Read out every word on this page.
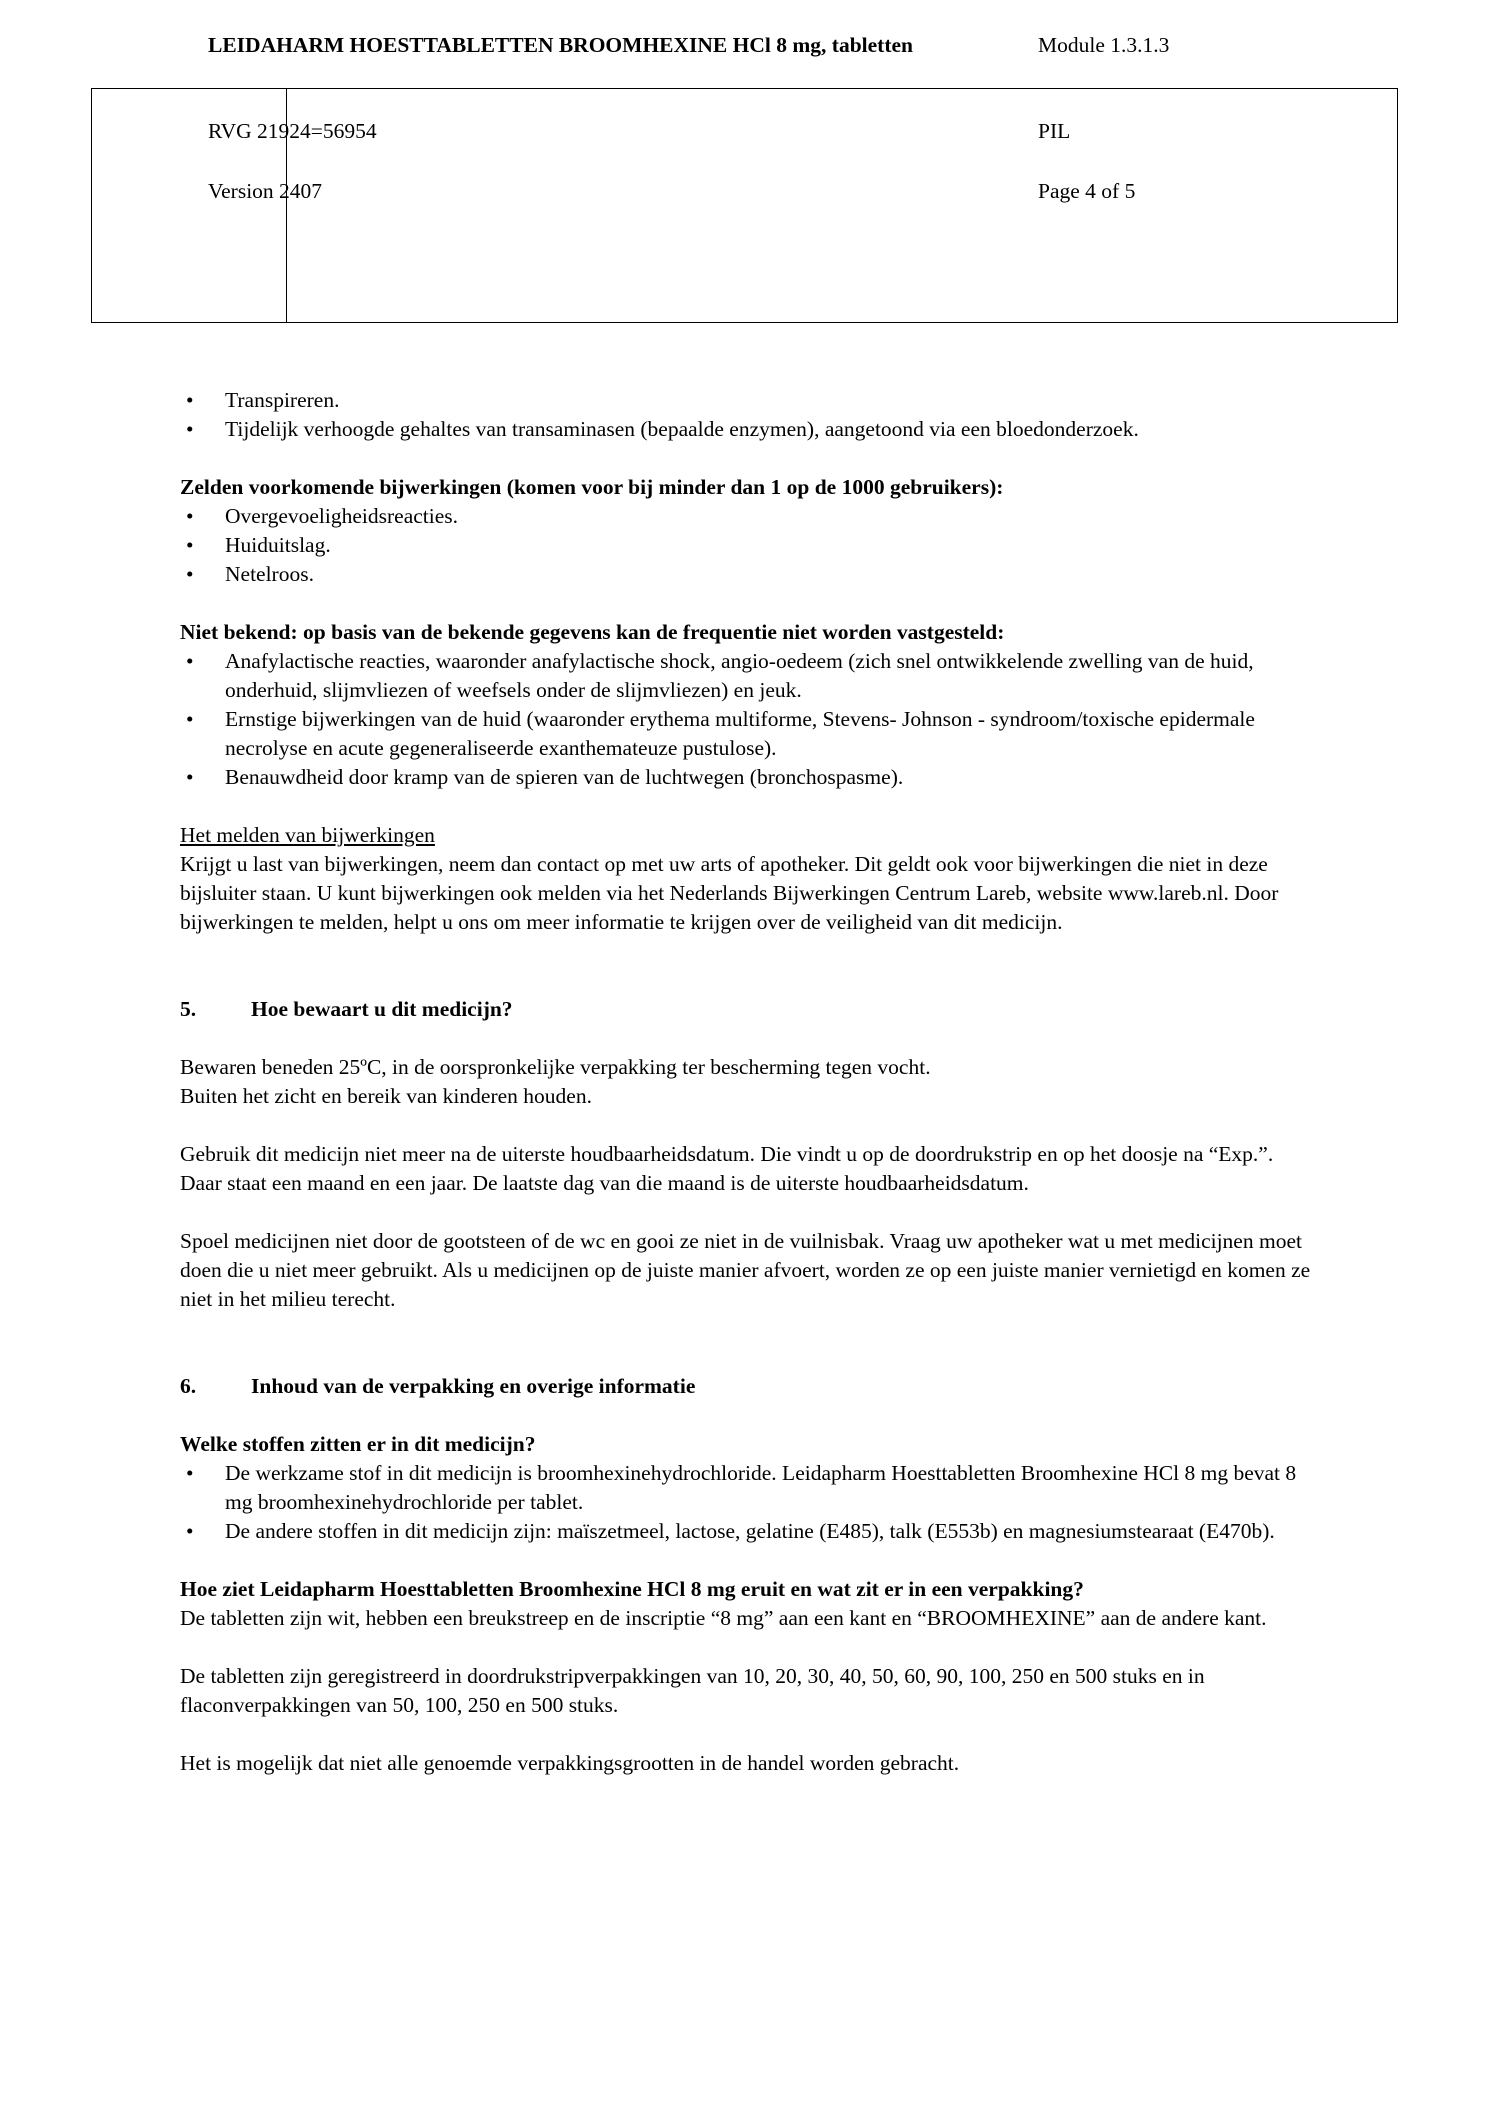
LEIDAHARM HOESTTABLETTEN BROOMHEXINE HCl 8 mg, tabletten	Module 1.3.1.3
RVG 21924=56954	PIL
Version 2407	Page 4 of 5
• Transpireren.
• Tijdelijk verhoogde gehaltes van transaminasen (bepaalde enzymen), aangetoond via een bloedonderzoek.

Zelden voorkomende bijwerkingen (komen voor bij minder dan 1 op de 1000 gebruikers):

• Overgevoeligheidsreacties.
• Huiduitslag.
• Netelroos.

Niet bekend: op basis van de bekende gegevens kan de frequentie niet worden vastgesteld:

• Anafylactische reacties, waaronder anafylactische shock, angio-oedeem (zich snel ontwikkelende zwelling van de huid, onderhuid, slijmvliezen of weefsels onder de slijmvliezen) en jeuk.
• Ernstige bijwerkingen van de huid (waaronder erythema multiforme, Stevens- Johnson - syndroom/toxische epidermale necrolyse en acute gegeneraliseerde exanthemateuze pustulose).
• Benauwdheid door kramp van de spieren van de luchtwegen (bronchospasme).

Het melden van bijwerkingen

Krijgt u last van bijwerkingen, neem dan contact op met uw arts of apotheker. Dit geldt ook voor bijwerkingen die niet in deze bijsluiter staan. U kunt bijwerkingen ook melden via het Nederlands Bijwerkingen Centrum Lareb, website www.lareb.nl. Door bijwerkingen te melden, helpt u ons om meer informatie te krijgen over de veiligheid van dit medicijn.

5.	Hoe bewaart u dit medicijn?

Bewaren beneden 25ºC, in de oorspronkelijke verpakking ter bescherming tegen vocht.

Buiten het zicht en bereik van kinderen houden.

Gebruik dit medicijn niet meer na de uiterste houdbaarheidsdatum. Die vindt u op de doordrukstrip en op het doosje na “Exp.”. Daar staat een maand en een jaar. De laatste dag van die maand is de uiterste houdbaarheidsdatum.

Spoel medicijnen niet door de gootsteen of de wc en gooi ze niet in de vuilnisbak. Vraag uw apotheker wat u met medicijnen moet doen die u niet meer gebruikt. Als u medicijnen op de juiste manier afvoert, worden ze op een juiste manier vernietigd en komen ze niet in het milieu terecht.

6.	Inhoud van de verpakking en overige informatie

Welke stoffen zitten er in dit medicijn?

• De werkzame stof in dit medicijn is broomhexinehydrochloride. Leidapharm Hoesttabletten Broomhexine HCl 8 mg bevat 8 mg broomhexinehydrochloride per tablet.
• De andere stoffen in dit medicijn zijn: maïszetmeel, lactose, gelatine (E485), talk (E553b) en magnesiumstearaat (E470b).

Hoe ziet Leidapharm Hoesttabletten Broomhexine HCl 8 mg eruit en wat zit er in een verpakking?

De tabletten zijn wit, hebben een breukstreep en de inscriptie “8 mg” aan een kant en “BROOMHEXINE” aan de andere kant.

De tabletten zijn geregistreerd in doordrukstripverpakkingen van 10, 20, 30, 40, 50, 60, 90, 100, 250 en 500 stuks en in flaconverpakkingen van 50, 100, 250 en 500 stuks.

Het is mogelijk dat niet alle genoemde verpakkingsgrootten in de handel worden gebracht.
